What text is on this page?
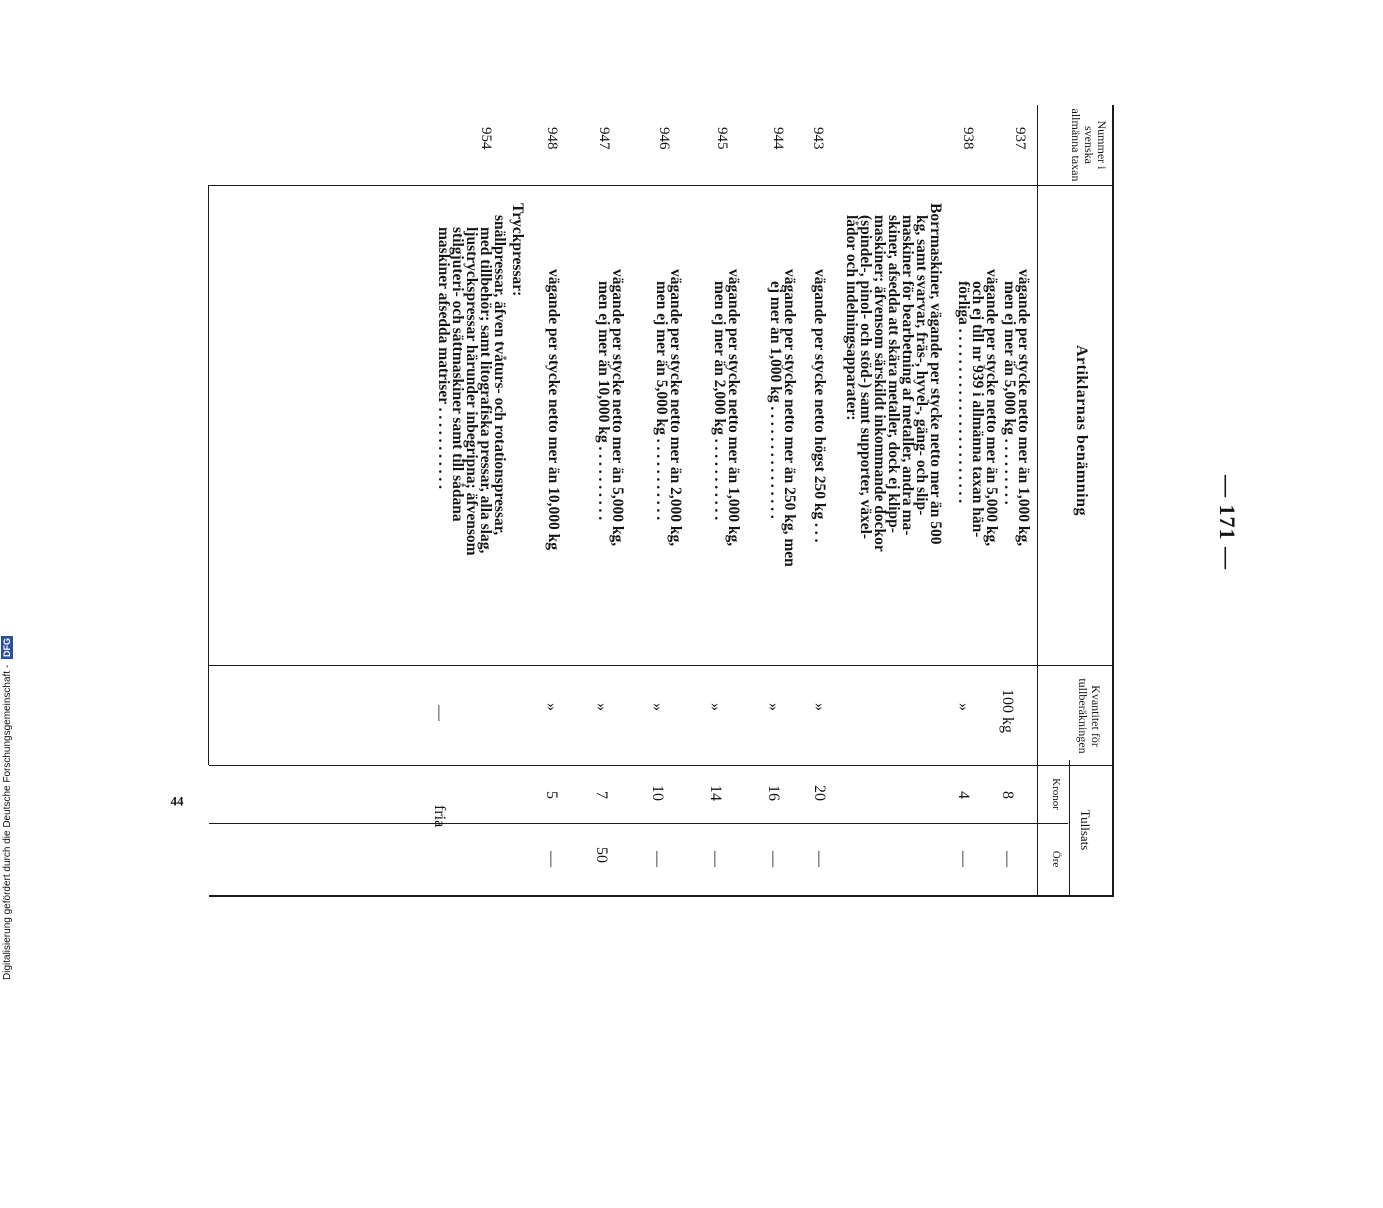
— 171 —
Nummer i svenska allmänna taxan
Artiklarnas benämning
Kvantitet för tullberäkningen
Tullsats
Kronor
Öre
937
vägande per stycke netto mer än 1,000 kg,
men ej mer än 5,000 kg . . . . . . . . .
100 kg
8
—
938
vägande per stycke netto mer än 5,000 kg,
och ej till nr 939 i allmänna taxan hän-
förliga . . . . . . . . . . . . . . . . . . . . . . .
»
4
—
Borrmaskiner, vägande per stycke netto mer än 500
kg, samt svarvar, fräs-, hyvel-, gäng- och slip-
maskiner för bearbetning af metaller, andra ma-
skiner, afsedda att skära metaller, dock ej klipp-
maskiner; äfvensom särskildt inkommande dockor
(spindel-, pinol- och stöd-) samt supporter, växel-
lådor och indelningsapparater:
943
vägande per stycke netto högst 250 kg . . .
»
20
—
944
vägande per stycke netto mer än 250 kg, men
ej mer än 1,000 kg . . . . . . . . . . . . . . .
»
16
—
945
vägande per stycke netto mer än 1,000 kg,
men ej mer än 2,000 kg . . . . . . . . . . .
»
14
—
946
vägande per stycke netto mer än 2,000 kg,
men ej mer än 5,000 kg . . . . . . . . . . .
»
10
—
947
vägande per stycke netto mer än 5,000 kg,
men ej mer än 10,000 kg . . . . . . . . . .
»
7
50
948
vägande per stycke netto mer än 10,000 kg
»
5
—
Tryckpressar:
954
snällpressar, äfven tvåturs- och rotationspressar,
med tillbehör; samt litografiska pressar, alla slag,
ljustryckspressar härunder inbegripna; äfvensom
stilgjuteri- och sättmaskiner samt till sådana
maskiner afsedda matriser . . . . . . . . . . .
—
fria
44
Digitalisierung gefördert durch die Deutsche Forschungsgemeinschaft - DFG
